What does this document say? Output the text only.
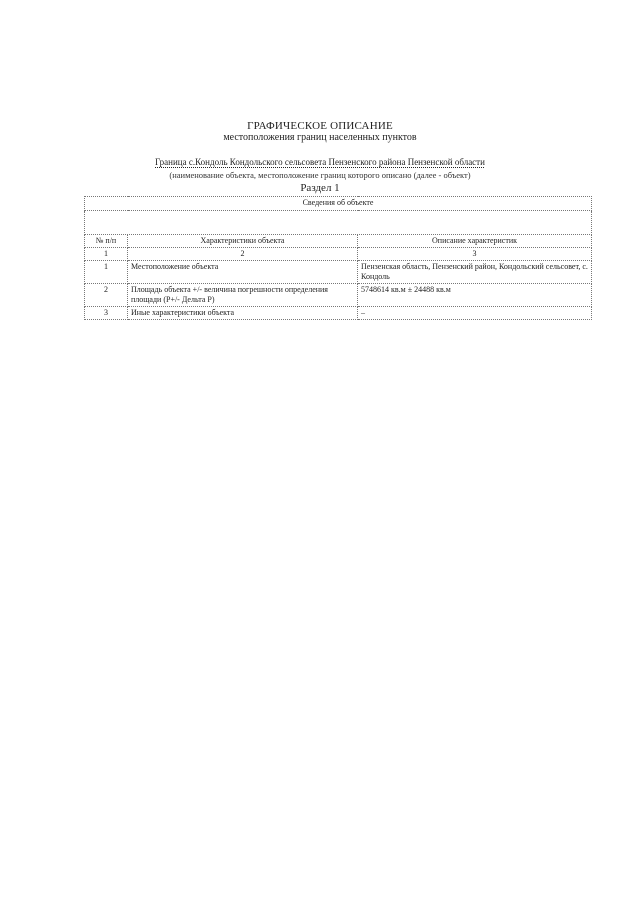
ГРАФИЧЕСКОЕ ОПИСАНИЕ
местоположения границ населенных пунктов
Граница с.Кондоль Кондольского сельсовета Пензенского района Пензенской области
(наименование объекта, местоположение границ которого описано (далее - объект)
Раздел 1
Сведения об объекте		

№ п/п	Характеристики объекта	Описание характеристик
1	2	3
1	Местоположение объекта	Пензенская область, Пензенский район, Кондольский сельсовет, с. Кондоль
2	Площадь объекта +/- величина погрешности определения площади (P+/- Дельта P)	5748614 кв.м ± 24488 кв.м
3	Иные характеристики объекта	–
